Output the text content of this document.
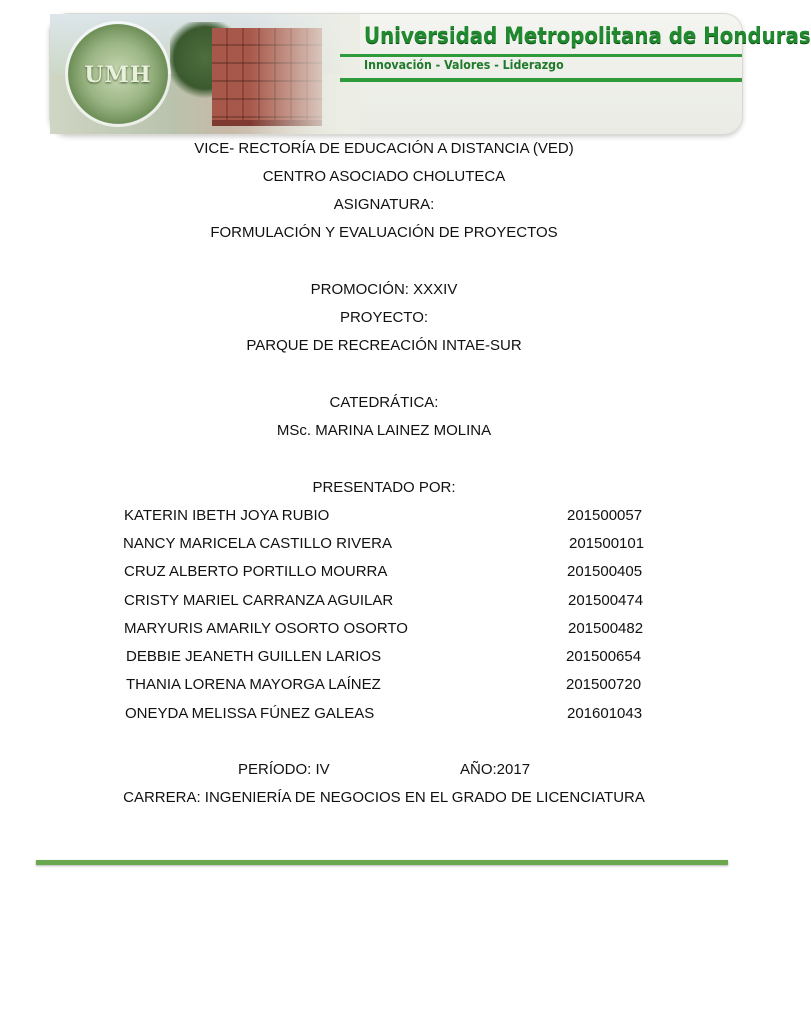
UMH
Universidad Metropolitana de Honduras
Innovación - Valores - Liderazgo
VICE- RECTORÍA DE EDUCACIÓN A DISTANCIA (VED)
CENTRO ASOCIADO CHOLUTECA
ASIGNATURA:
FORMULACIÓN Y EVALUACIÓN DE PROYECTOS
PROMOCIÓN: XXXIV
PROYECTO:
PARQUE DE RECREACIÓN INTAE-SUR
CATEDRÁTICA:
MSc. MARINA LAINEZ MOLINA
PRESENTADO POR:
KATERIN IBETH JOYA RUBIO	201500057
NANCY MARICELA CASTILLO RIVERA	201500101
CRUZ ALBERTO PORTILLO MOURRA	201500405
CRISTY MARIEL CARRANZA AGUILAR	201500474
MARYURIS AMARILY OSORTO OSORTO	201500482
DEBBIE JEANETH GUILLEN LARIOS	201500654
THANIA LORENA MAYORGA LAÍNEZ	201500720
ONEYDA MELISSA FÚNEZ GALEAS	201601043
PERÍODO: IV	AÑO:2017
CARRERA: INGENIERÍA DE NEGOCIOS EN EL GRADO DE LICENCIATURA
